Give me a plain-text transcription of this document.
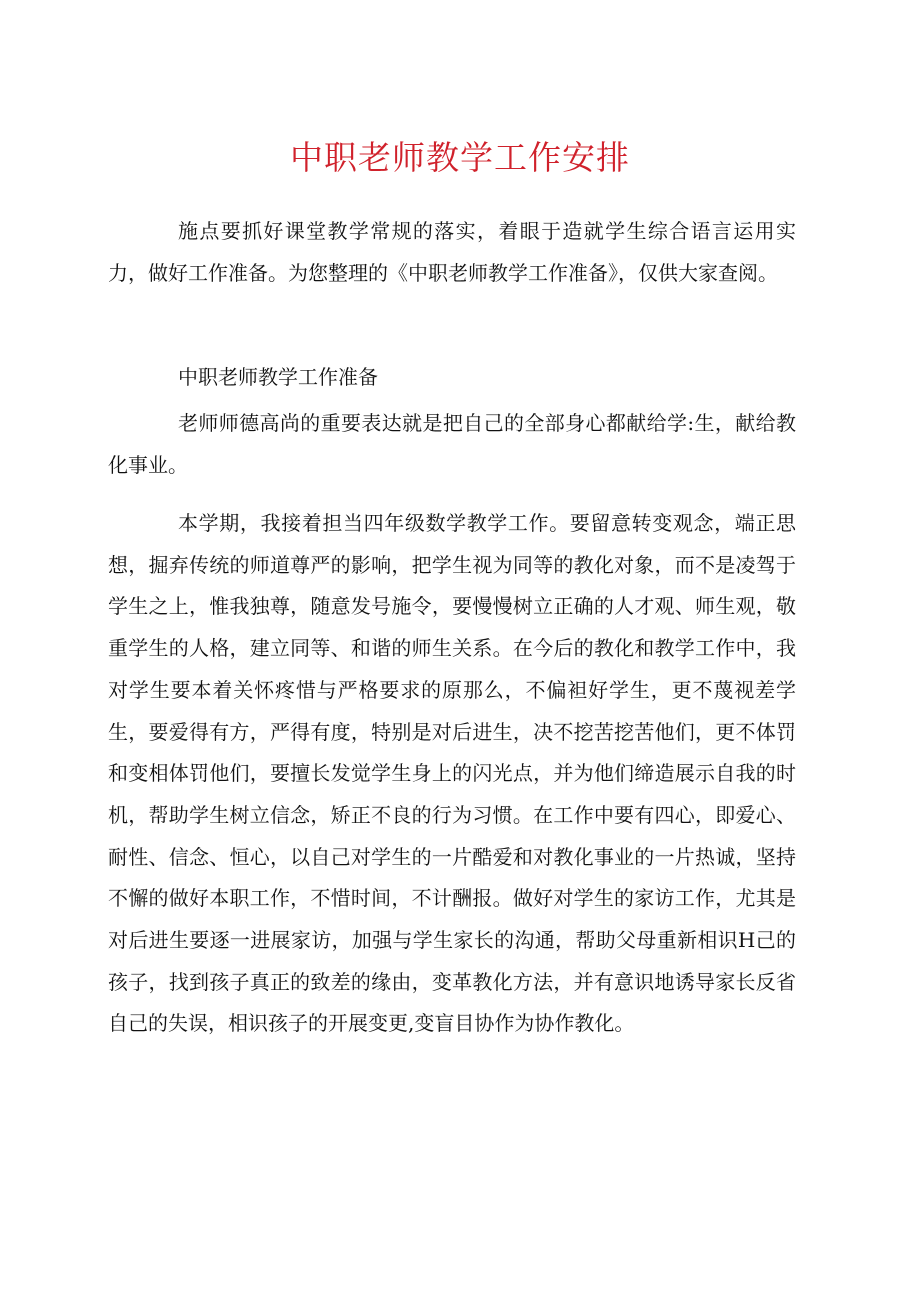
中职老师教学工作安排

施点要抓好课堂教学常规的落实，着眼于造就学生综合语言运用实力，做好工作准备。为您整理的《中职老师教学工作准备》，仅供大家查阅。

中职老师教学工作准备

老师师德高尚的重要表达就是把自己的全部身心都献给学:生，献给教化事业。

本学期，我接着担当四年级数学教学工作。要留意转变观念，端正思想，掘弃传统的师道尊严的影响，把学生视为同等的教化对象，而不是凌驾于学生之上，惟我独尊，随意发号施令，要慢慢树立正确的人才观、师生观，敬重学生的人格，建立同等、和谐的师生关系。在今后的教化和教学工作中，我对学生要本着关怀疼惜与严格要求的原那么，不偏袒好学生，更不蔑视差学生，要爱得有方，严得有度，特别是对后进生，决不挖苦挖苦他们，更不体罚和变相体罚他们，要擅长发觉学生身上的闪光点，并为他们缔造展示自我的时机，帮助学生树立信念，矫正不良的行为习惯。在工作中要有四心，即爱心、耐性、信念、恒心，以自己对学生的一片酷爱和对教化事业的一片热诚，坚持不懈的做好本职工作，不惜时间，不计酬报。做好对学生的家访工作，尤其是对后进生要逐一进展家访，加强与学生家长的沟通，帮助父母重新相识H己的孩子，找到孩子真正的致差的缘由，变革教化方法，并有意识地诱导家长反省自己的失误，相识孩子的开展变更,变盲目协作为协作教化。
